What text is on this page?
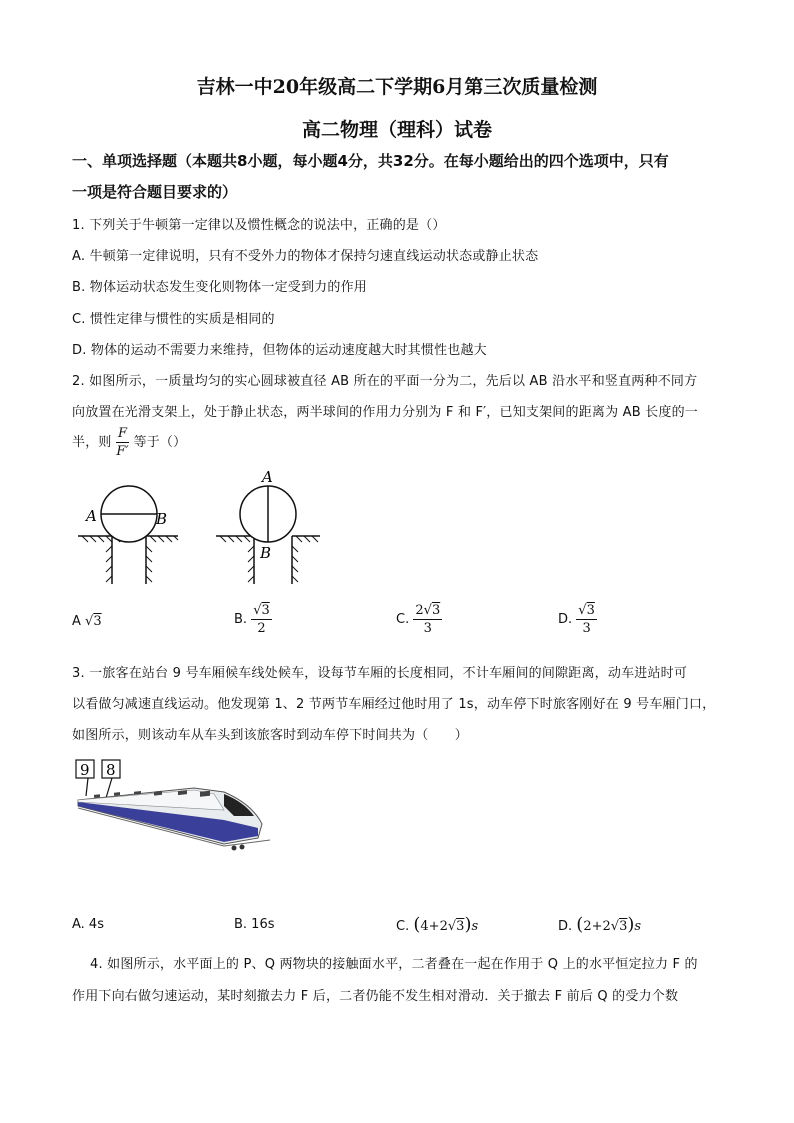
吉林一中20年级高二下学期6月第三次质量检测
高二物理（理科）试卷
一、单项选择题（本题共8小题，每小题4分，共32分。在每小题给出的四个选项中，只有
一项是符合题目要求的）
1. 下列关于牛顿第一定律以及惯性概念的说法中，正确的是（）
A. 牛顿第一定律说明，只有不受外力的物体才保持匀速直线运动状态或静止状态
B. 物体运动状态发生变化则物体一定受到力的作用
C. 惯性定律与惯性的实质是相同的
D. 物体的运动不需要力来维持，但物体的运动速度越大时其惯性也越大
2. 如图所示，一质量均匀的实心圆球被直径 AB 所在的平面一分为二，先后以 AB 沿水平和竖直两种不同方
向放置在光滑支架上，处于静止状态，两半球间的作用力分别为 F 和 F′，已知支架间的距离为 AB 长度的一
半，则 $\frac{F}{F'}$ 等于（）
A	B
A
B
A √3	B. $\frac{√3}{2}$	C. $\frac{2√3}{3}$	D. $\frac{√3}{3}$
3. 一旅客在站台 9 号车厢候车线处候车，设每节车厢的长度相同，不计车厢间的间隙距离，动车进站时可
以看做匀减速直线运动。他发现第 1、2 节两节车厢经过他时用了 1s，动车停下时旅客刚好在 9 号车厢门口，
如图所示，则该动车从车头到该旅客时到动车停下时间共为（　　）
9 8
A. 4s	B. 16s	C. (4+2√3)s	D. (2+2√3)s
4. 如图所示，水平面上的 P、Q 两物块的接触面水平，二者叠在一起在作用于 Q 上的水平恒定拉力 F 的
作用下向右做匀速运动，某时刻撤去力 F 后，二者仍能不发生相对滑动．关于撤去 F 前后 Q 的受力个数
